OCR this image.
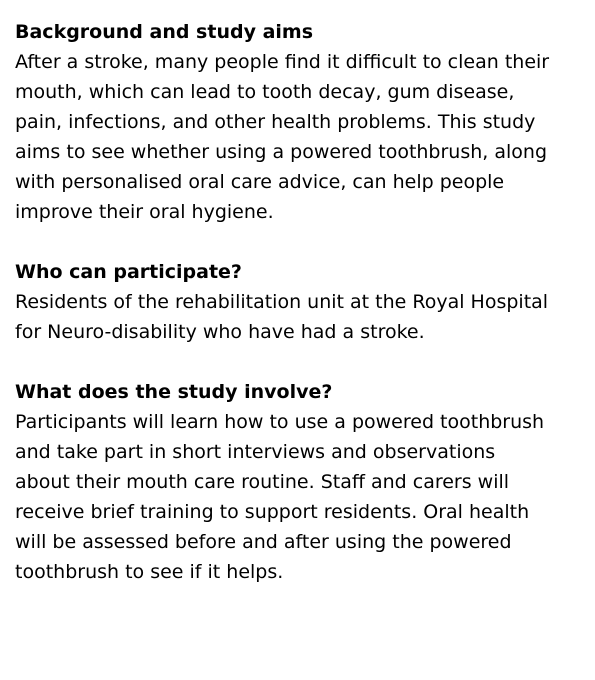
Background and study aims

After a stroke, many people find it difficult to clean their
mouth, which can lead to tooth decay, gum disease,
pain, infections, and other health problems. This study
aims to see whether using a powered toothbrush, along
with personalised oral care advice, can help people
improve their oral hygiene.

Who can participate?

Residents of the rehabilitation unit at the Royal Hospital
for Neuro-disability who have had a stroke.

What does the study involve?

Participants will learn how to use a powered toothbrush
and take part in short interviews and observations
about their mouth care routine. Staff and carers will
receive brief training to support residents. Oral health
will be assessed before and after using the powered
toothbrush to see if it helps.
